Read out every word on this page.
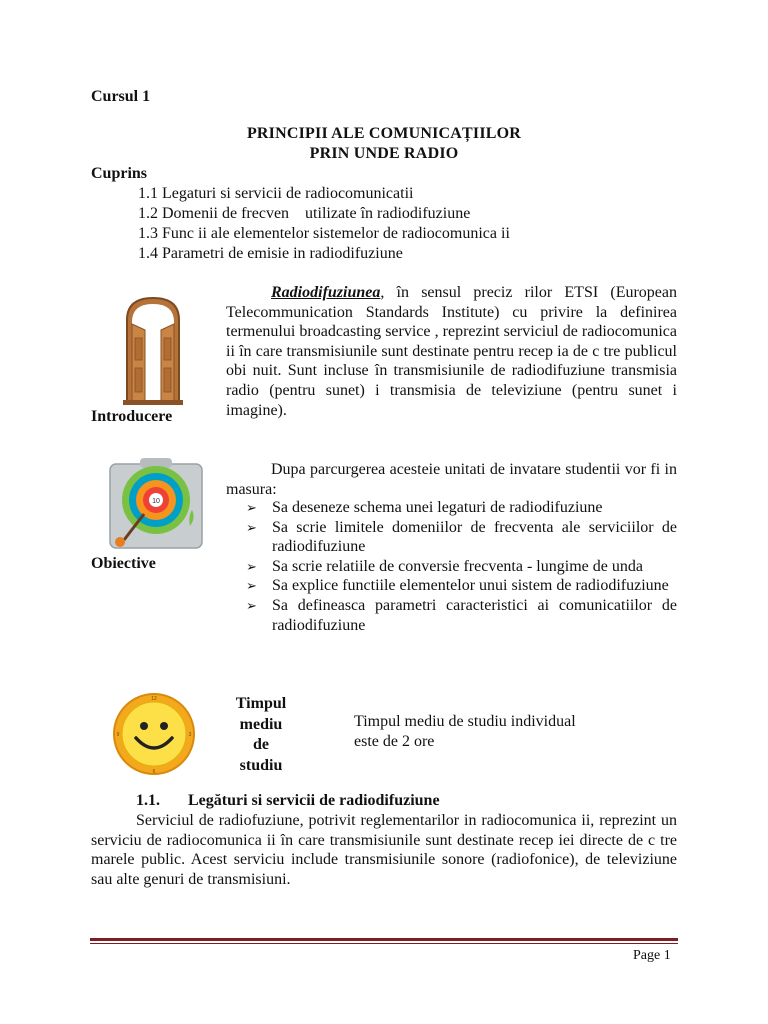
Cursul 1
PRINCIPII ALE COMUNICAȚIILOR
PRIN UNDE RADIO
Cuprins
1.1 Legaturi si servicii de radiocomunicatii
1.2 Domenii de frecven    utilizate în radiodifuziune
1.3 Func ii ale elementelor sistemelor de radiocomunica ii
1.4 Parametri de emisie in radiodifuziune
Introducere
Radiodifuziunea, în sensul preciz rilor ETSI (European Telecommunication Standards Institute) cu privire la definirea termenului broadcasting service , reprezint serviciul de radiocomunica ii în care transmisiunile sunt destinate pentru recep ia de c tre publicul obi nuit. Sunt incluse în transmisiunile de radiodifuziune transmisia radio (pentru sunet) i transmisia de televiziune (pentru sunet i imagine).
10
Obiective
Dupa parcurgerea acesteie unitati de invatare studentii vor fi in masura:
➢ Sa deseneze schema unei legaturi de radiodifuziune
➢ Sa scrie limitele domeniilor de frecventa ale serviciilor de radiodifuziune
➢ Sa scrie relatiile de conversie frecventa - lungime de unda
➢ Sa explice functiile elementelor unui sistem de radiodifuziune
➢ Sa defineasca parametri caracteristici ai comunicatiilor de radiodifuziune
12
3
6
9
Timpul
mediu
de
studiu
Timpul mediu de studiu individual
este de 2 ore
1.1. Legături si servicii de radiodifuziune
Serviciul de radiofuziune, potrivit reglementarilor in radiocomunica ii, reprezint un serviciu de radiocomunica ii în care transmisiunile sunt destinate recep iei directe de c tre marele public. Acest serviciu include transmisiunile sonore (radiofonice), de televiziune sau alte genuri de transmisiuni.
Page 1
